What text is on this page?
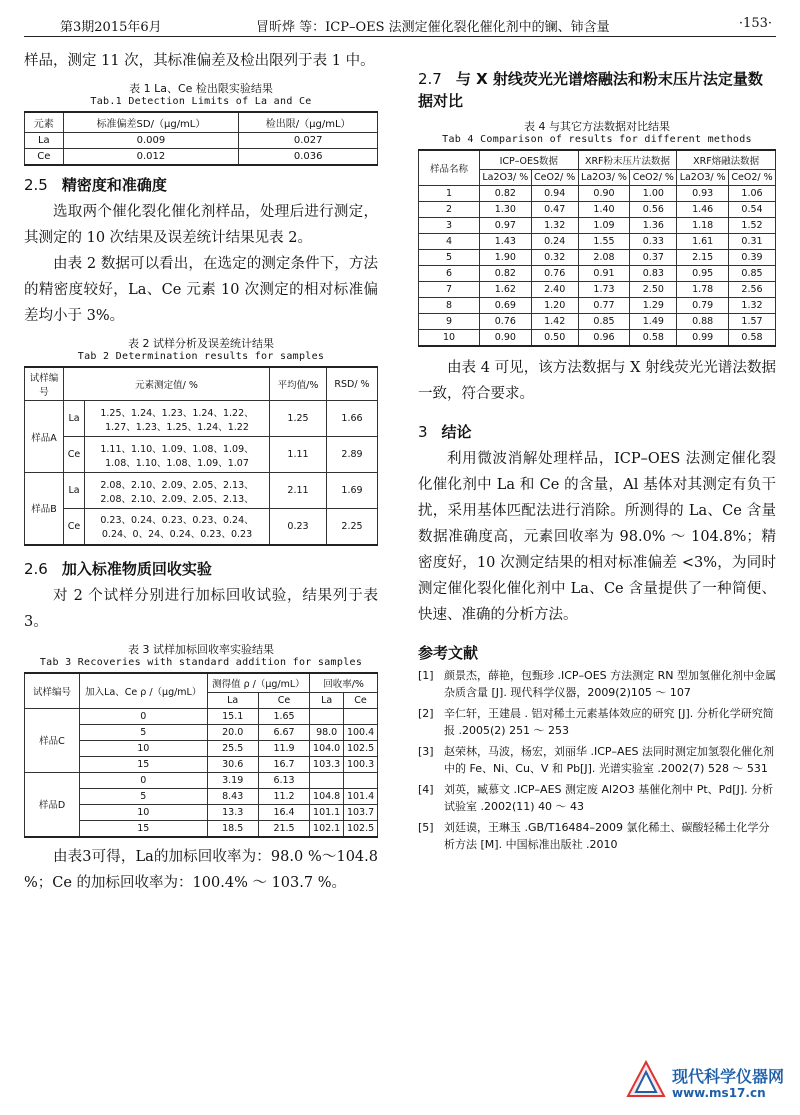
第3期2015年6月	冒昕烨 等：ICP–OES 法测定催化裂化催化剂中的镧、铈含量	·153·

样品，测定 11 次，其标准偏差及检出限列于表 1 中。

表 1 La、Ce 检出限实验结果
Tab.1 Detection Limits of La and Ce
元素	标准偏差SD/（μg/mL）	检出限/（μg/mL）
La	0.009	0.027
Ce	0.012	0.036
2.5 精密度和准确度

选取两个催化裂化催化剂样品，处理后进行测定，其测定的 10 次结果及误差统计结果见表 2。

由表 2 数据可以看出，在选定的测定条件下，方法的精密度较好，La、Ce 元素 10 次测定的相对标准偏差均小于 3%。

表 2 试样分析及误差统计结果
Tab 2 Determination results for samples
试样编号	元素测定值/ %		平均值/%	RSD/ %
样品A	La	1.25、1.24、1.23、1.24、1.22、1.27、1.23、1.25、1.24、1.22	1.25	1.66
	Ce	1.11、1.10、1.09、1.08、1.09、1.08、1.10、1.08、1.09、1.07	1.11	2.89
样品B	La	2.08、2.10、2.09、2.05、2.13、2.08、2.10、2.09、2.05、2.13、	2.11	1.69
	Ce	0.23、0.24、0.23、0.23、0.24、0.24、0、24、0.24、0.23、0.23	0.23	2.25
2.6 加入标准物质回收实验

对 2 个试样分别进行加标回收试验，结果列于表 3。

表 3 试样加标回收率实验结果
Tab 3 Recoveries with standard addition for samples
试样编号	加入La、Ce ρ /（μg/mL）	测得值 ρ /（μg/mL）		回收率/%	
		La	Ce	La	Ce
样品C	0	15.1	1.65		
	5	20.0	6.67	98.0	100.4
	10	25.5	11.9	104.0	102.5
	15	30.6	16.7	103.3	100.3
样品D	0	3.19	6.13		
	5	8.43	11.2	104.8	101.4
	10	13.3	16.4	101.1	103.7
	15	18.5	21.5	102.1	102.5

由表3可得，La的加标回收率为：98.0 %～104.8 %；Ce 的加标回收率为：100.4% ～ 103.7 %。

2.7 与 X 射线荧光光谱熔融法和粉末压片法定量数据对比
表 4 与其它方法数据对比结果
Tab 4 Comparison of results for different methods
样品名称	ICP–OES数据		XRF粉末压片法数据		XRF熔融法数据	
	La2O3/ %	CeO2/ %	La2O3/ %	CeO2/ %	La2O3/ %	CeO2/ %
1	0.82	0.94	0.90	1.00	0.93	1.06
2	1.30	0.47	1.40	0.56	1.46	0.54
3	0.97	1.32	1.09	1.36	1.18	1.52
4	1.43	0.24	1.55	0.33	1.61	0.31
5	1.90	0.32	2.08	0.37	2.15	0.39
6	0.82	0.76	0.91	0.83	0.95	0.85
7	1.62	2.40	1.73	2.50	1.78	2.56
8	0.69	1.20	0.77	1.29	0.79	1.32
9	0.76	1.42	0.85	1.49	0.88	1.57
10	0.90	0.50	0.96	0.58	0.99	0.58

由表 4 可见，该方法数据与 X 射线荧光光谱法数据一致，符合要求。

3 结论

利用微波消解处理样品，ICP–OES 法测定催化裂化催化剂中 La 和 Ce 的含量，Al 基体对其测定有负干扰，采用基体匹配法进行消除。所测得的 La、Ce 含量数据准确度高，元素回收率为 98.0% ～ 104.8%；精密度好，10 次测定结果的相对标准偏差 <3%，为同时测定催化裂化催化剂中 La、Ce 含量提供了一种简便、快速、准确的分析方法。

参考文献
[1] 颜景杰，薛艳，包甄珍 .ICP–OES 方法测定 RN 型加氢催化剂中金属杂质含量 [J]. 现代科学仪器，2009(2)105 ～ 107
[2] 辛仁轩，王建晨 . 铝对稀土元素基体效应的研究 [J]. 分析化学研究简报 .2005(2) 251 ～ 253
[3] 赵荣林，马波，杨宏，刘丽华 .ICP–AES 法同时测定加氢裂化催化剂中的 Fe、Ni、Cu、V 和 Pb[J]. 光谱实验室 .2002(7) 528 ～ 531
[4] 刘英，臧慕文 .ICP–AES 测定废 Al2O3 基催化剂中 Pt、Pd[J]. 分析试验室 .2002(11) 40 ～ 43
[5] 刘廷谟，王琳玉 .GB/T16484–2009 氯化稀土、碳酸轻稀土化学分析方法 [M]. 中国标准出版社 .2010
现代科学仪器网
www.ms17.cn
